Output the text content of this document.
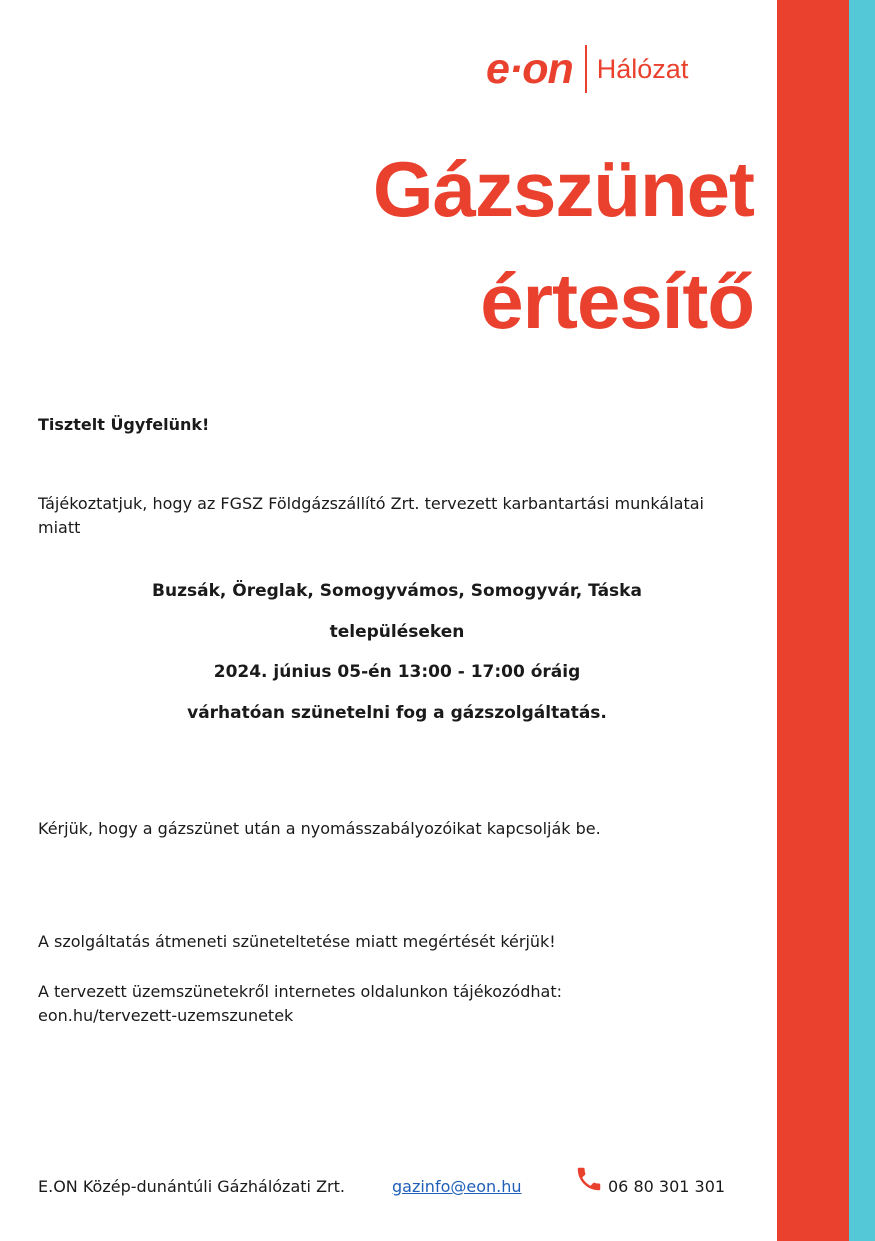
e·on Hálózat
Gázszünet
értesítő
Tisztelt Ügyfelünk!
Tájékoztatjuk, hogy az FGSZ Földgázszállító Zrt. tervezett karbantartási munkálatai
miatt
Buzsák, Öreglak, Somogyvámos, Somogyvár, Táska
településeken
2024. június 05-én 13:00 - 17:00 óráig
várhatóan szünetelni fog a gázszolgáltatás.
Kérjük, hogy a gázszünet után a nyomásszabályozóikat kapcsolják be.
A szolgáltatás átmeneti szüneteltetése miatt megértését kérjük!
A tervezett üzemszünetekről internetes oldalunkon tájékozódhat:
eon.hu/tervezett-uzemszunetek
E.ON Közép-dunántúli Gázhálózati Zrt.	gazinfo@eon.hu	06 80 301 301
